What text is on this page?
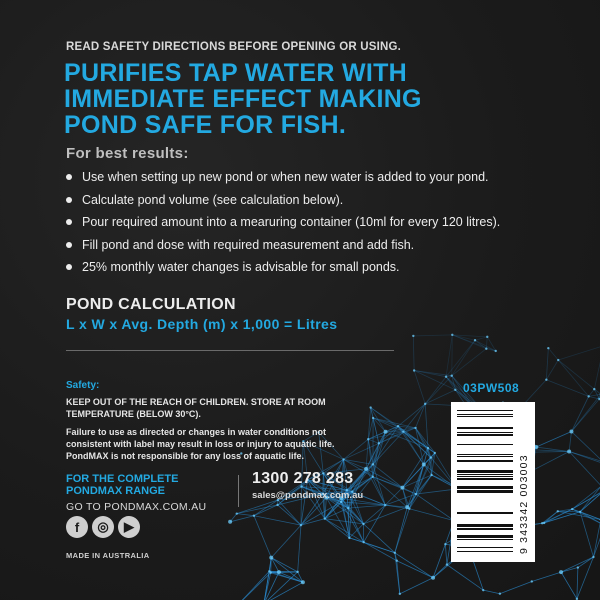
READ SAFETY DIRECTIONS BEFORE OPENING OR USING.
PURIFIES TAP WATER WITH
IMMEDIATE EFFECT MAKING
POND SAFE FOR FISH.
For best results:
Use when setting up new pond or when new water is added to your pond.
Calculate pond volume (see calculation below).
Pour required amount into a mearuring container (10ml for every 120 litres).
Fill pond and dose with required measurement and add fish.
25% monthly water changes is advisable for small ponds.
POND CALCULATION
L x W x Avg. Depth (m) x 1,000 = Litres
Safety:
KEEP OUT OF THE REACH OF CHILDREN. STORE AT ROOM
TEMPERATURE (BELOW 30°C).
Failure to use as directed or changes in water conditions not
consistent with label may result in loss or injury to aquatic life.
PondMAX is not responsible for any loss of aquatic life.
FOR THE COMPLETE
PONDMAX RANGE
GO TO PONDMAX.COM.AU
1300 278 283
sales@pondmax.com.au
f	◎	▶
MADE IN AUSTRALIA
03PW508
9 343342 003003
